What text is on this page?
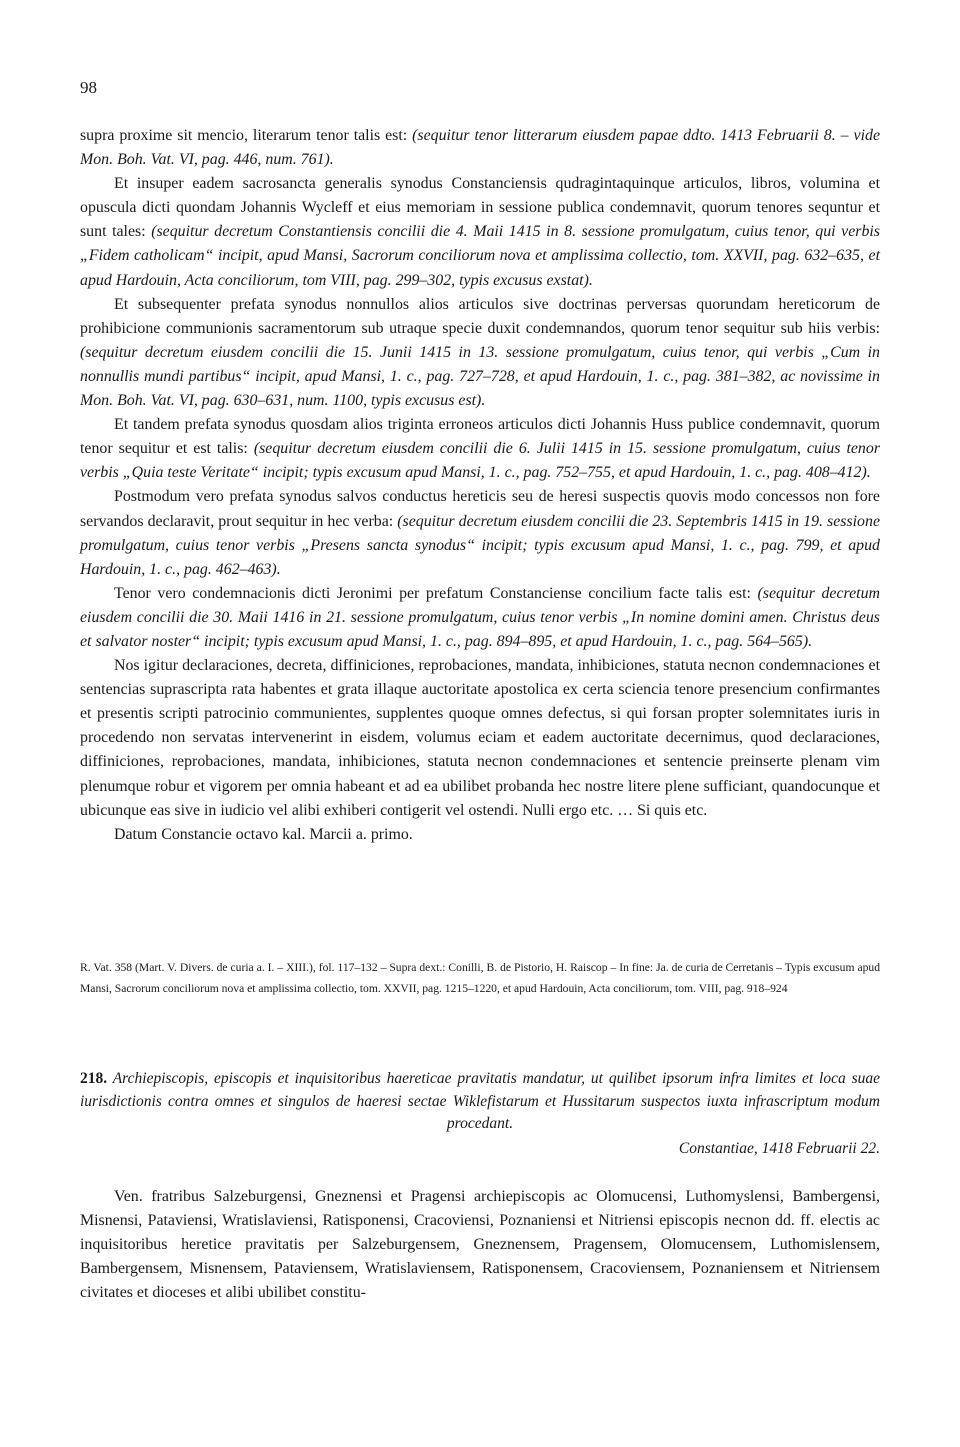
98

supra proxime sit mencio, literarum tenor talis est: (sequitur tenor litterarum eiusdem papae ddto. 1413 Februarii 8. – vide Mon. Boh. Vat. VI, pag. 446, num. 761).

Et insuper eadem sacrosancta generalis synodus Constanciensis qudragintaquinque articulos, libros, volumina et opuscula dicti quondam Johannis Wycleff et eius memoriam in sessione publica condemnavit, quorum tenores sequntur et sunt tales: (sequitur decretum Constantiensis concilii die 4. Maii 1415 in 8. sessione promulgatum, cuius tenor, qui verbis „Fidem catholicam“ incipit, apud Mansi, Sacrorum conciliorum nova et amplissima collectio, tom. XXVII, pag. 632–635, et apud Hardouin, Acta conciliorum, tom VIII, pag. 299–302, typis excusus exstat).

Et subsequenter prefata synodus nonnullos alios articulos sive doctrinas perversas quorundam hereticorum de prohibicione communionis sacramentorum sub utraque specie duxit condemnandos, quorum tenor sequitur sub hiis verbis: (sequitur decretum eiusdem concilii die 15. Junii 1415 in 13. sessione promulgatum, cuius tenor, qui verbis „Cum in nonnullis mundi partibus“ incipit, apud Mansi, 1. c., pag. 727–728, et apud Hardouin, 1. c., pag. 381–382, ac novissime in Mon. Boh. Vat. VI, pag. 630–631, num. 1100, typis excusus est).

Et tandem prefata synodus quosdam alios triginta erroneos articulos dicti Johannis Huss publice condemnavit, quorum tenor sequitur et est talis: (sequitur decretum eiusdem concilii die 6. Julii 1415 in 15. sessione promulgatum, cuius tenor verbis „Quia teste Veritate“ incipit; typis excusum apud Mansi, 1. c., pag. 752–755, et apud Hardouin, 1. c., pag. 408–412).

Postmodum vero prefata synodus salvos conductus hereticis seu de heresi suspectis quovis modo concessos non fore servandos declaravit, prout sequitur in hec verba: (sequitur decretum eiusdem concilii die 23. Septembris 1415 in 19. sessione promulgatum, cuius tenor verbis „Presens sancta synodus“ incipit; typis excusum apud Mansi, 1. c., pag. 799, et apud Hardouin, 1. c., pag. 462–463).

Tenor vero condemnacionis dicti Jeronimi per prefatum Constanciense concilium facte talis est: (sequitur decretum eiusdem concilii die 30. Maii 1416 in 21. sessione promulgatum, cuius tenor verbis „In nomine domini amen. Christus deus et salvator noster“ incipit; typis excusum apud Mansi, 1. c., pag. 894–895, et apud Hardouin, 1. c., pag. 564–565).

Nos igitur declaraciones, decreta, diffiniciones, reprobaciones, mandata, inhibiciones, statuta necnon condemnaciones et sentencias suprascripta rata habentes et grata illaque auctoritate apostolica ex certa sciencia tenore presencium confirmantes et presentis scripti patrocinio communientes, supplentes quoque omnes defectus, si qui forsan propter solemnitates iuris in procedendo non servatas intervenerint in eisdem, volumus eciam et eadem auctoritate decernimus, quod declaraciones, diffiniciones, reprobaciones, mandata, inhibiciones, statuta necnon condemnaciones et sentencie preinserte plenam vim plenumque robur et vigorem per omnia habeant et ad ea ubilibet probanda hec nostre litere plene sufficiant, quandocunque et ubicunque eas sive in iudicio vel alibi exhiberi contigerit vel ostendi. Nulli ergo etc. … Si quis etc.

Datum Constancie octavo kal. Marcii a. primo.

R. Vat. 358 (Mart. V. Divers. de curia a. I. – XIII.), fol. 117–132 – Supra dext.: Conilli, B. de Pistorio, H. Raiscop – In fine: Ja. de curia de Cerretanis – Typis excusum apud Mansi, Sacrorum conciliorum nova et amplissima collectio, tom. XXVII, pag. 1215–1220, et apud Hardouin, Acta conciliorum, tom. VIII, pag. 918–924
218. Archiepiscopis, episcopis et inquisitoribus haereticae pravitatis mandatur, ut quilibet ipsorum infra limites et loca suae iurisdictionis contra omnes et singulos de haeresi sectae Wiklefistarum et Hussitarum suspectos iuxta infrascriptum modum procedant.
Constantiae, 1418 Februarii 22.
Ven. fratribus Salzeburgensi, Gneznensi et Pragensi archiepiscopis ac Olomucensi, Luthomyslensi, Bambergensi, Misnensi, Pataviensi, Wratislaviensi, Ratisponensi, Cracoviensi, Poznaniensi et Nitriensi episcopis necnon dd. ff. electis ac inquisitoribus heretice pravitatis per Salzeburgensem, Gneznensem, Pragensem, Olomucensem, Luthomislensem, Bambergensem, Misnensem, Pataviensem, Wratislaviensem, Ratisponensem, Cracoviensem, Poznaniensem et Nitriensem civitates et dioceses et alibi ubilibet constitu-
